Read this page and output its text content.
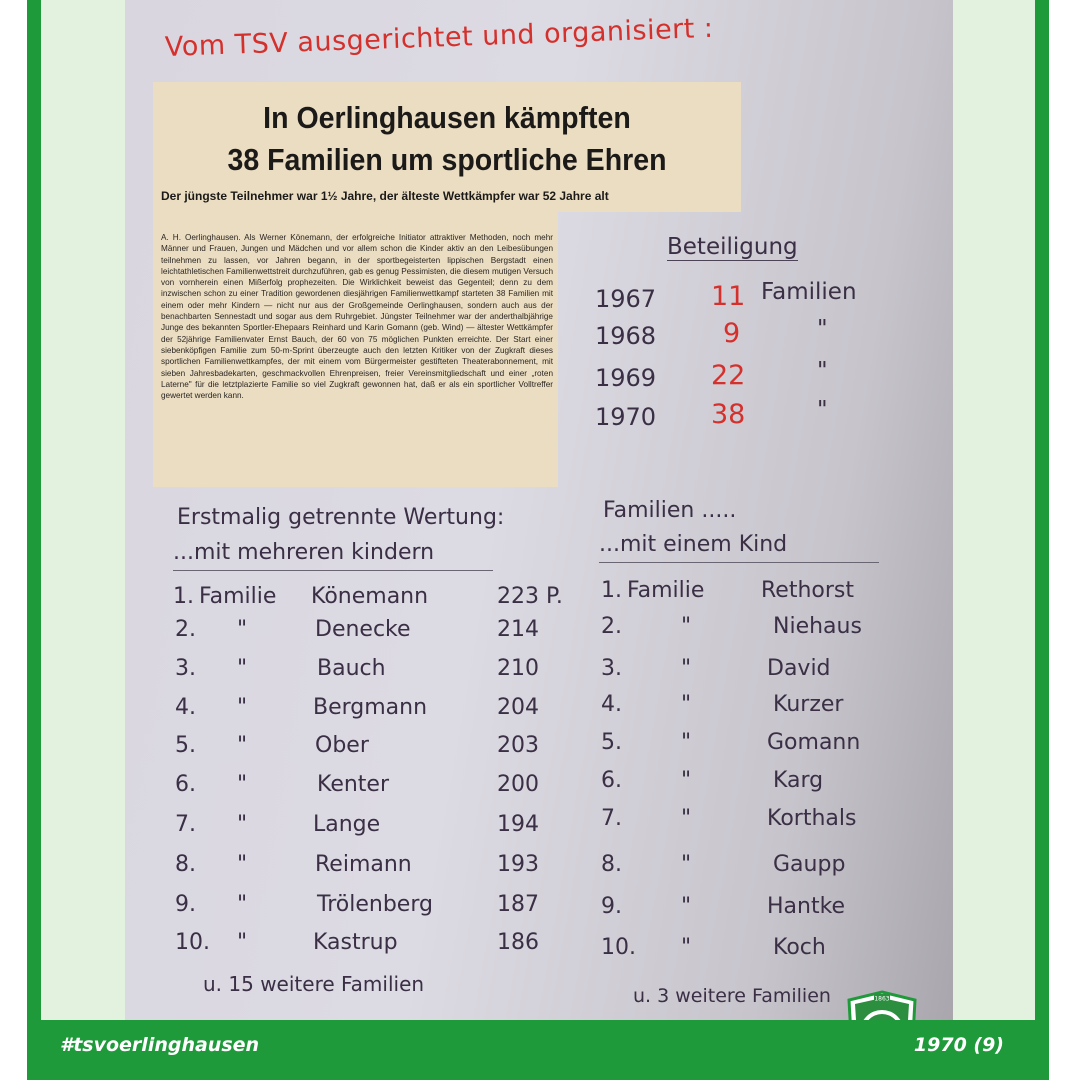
Vom TSV ausgerichtet und organisiert :
In Oerlinghausen kämpften
38 Familien um sportliche Ehren
Der jüngste Teilnehmer war 1½ Jahre, der älteste Wettkämpfer war 52 Jahre alt

A. H. Oerlinghausen. Als Werner Könemann, der erfolgreiche Initiator attraktiver Methoden, noch mehr Männer und Frauen, Jungen und Mädchen und vor allem schon die Kinder aktiv an den Leibesübungen teilnehmen zu lassen, vor Jahren begann, in der sportbegeisterten lippischen Bergstadt einen leichtathletischen Familienwettstreit durchzuführen, gab es genug Pessimisten, die diesem mutigen Versuch von vornherein einen Mißerfolg prophezeiten. Die Wirklichkeit beweist das Gegenteil; denn zu dem inzwischen schon zu einer Tradition gewordenen diesjährigen Familienwettkampf starteten 38 Familien mit einem oder mehr Kindern — nicht nur aus der Großgemeinde Oerlinghausen, sondern auch aus der benachbarten Sennestadt und sogar aus dem Ruhrgebiet. Jüngster Teilnehmer war der anderthalbjährige Junge des bekannten Sportler-Ehepaars Reinhard und Karin Gomann (geb. Wind) — ältester Wettkämpfer der 52jährige Familienvater Ernst Bauch, der 60 von 75 möglichen Punkten erreichte. Der Start einer siebenköpfigen Familie zum 50-m-Sprint überzeugte auch den letzten Kritiker von der Zugkraft dieses sportlichen Familienwettkampfes, der mit einem vom Bürgermeister gestifteten Theaterabonnement, mit sieben Jahresbadekarten, geschmackvollen Ehrenpreisen, freier Vereinsmitgliedschaft und einer „roten Laterne" für die letztplazierte Familie so viel Zugkraft gewonnen hat, daß er als ein sportlicher Volltreffer gewertet werden kann.

Beteiligung
1967 11 Familien
1968 9	"
1969 22	"
1970 38	"
Erstmalig getrennte Wertung:	Familien .....
...mit mehreren kindern	...mit einem Kind
1. Familie Könemann	223 P.
2. "	Denecke	214
3. "	Bauch	210
4. "	Bergmann	204
5. "	Ober	203
6. "	Kenter	200
7. "	Lange	194
8. "	Reimann	193
9. "	Trölenberg	187
10. "	Kastrup	186
1. Familie	Rethorst
2.	"	Niehaus
3.	"	David
4.	"	Kurzer
5.	"	Gomann
6.	"	Karg
7.	"	Korthals
8.	"	Gaupp
9.	"	Hantke
10. "	Koch
u. 15 weitere Familien	u. 3 weitere Familien	1863
#tsvoerlinghausen	1970 (9)
